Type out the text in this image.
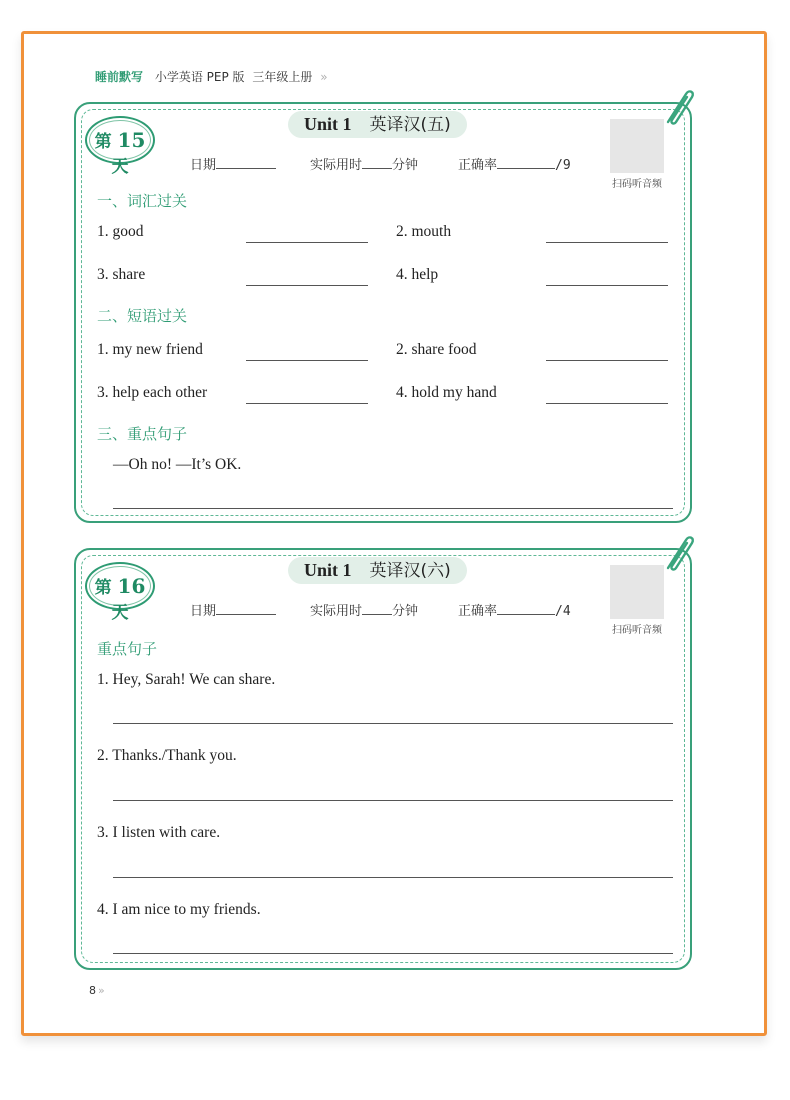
睡前默写 小学英语 PEP 版 三年级上册 »
Unit 1 英译汉(五)
第 15 天	日期	实际用时 分钟	正确率	/9
扫码听音频
一、词汇过关
1. good	2. mouth
3. share	4. help
二、短语过关
1. my new friend	2. share food
3. help each other	4. hold my hand
三、重点句子
—Oh no! —It’s OK.
Unit 1 英译汉(六)
第 16 天	日期	实际用时 分钟	正确率	/4
扫码听音频
重点句子
1. Hey, Sarah! We can share.
2. Thanks./Thank you.
3. I listen with care.
4. I am nice to my friends.
8 »
